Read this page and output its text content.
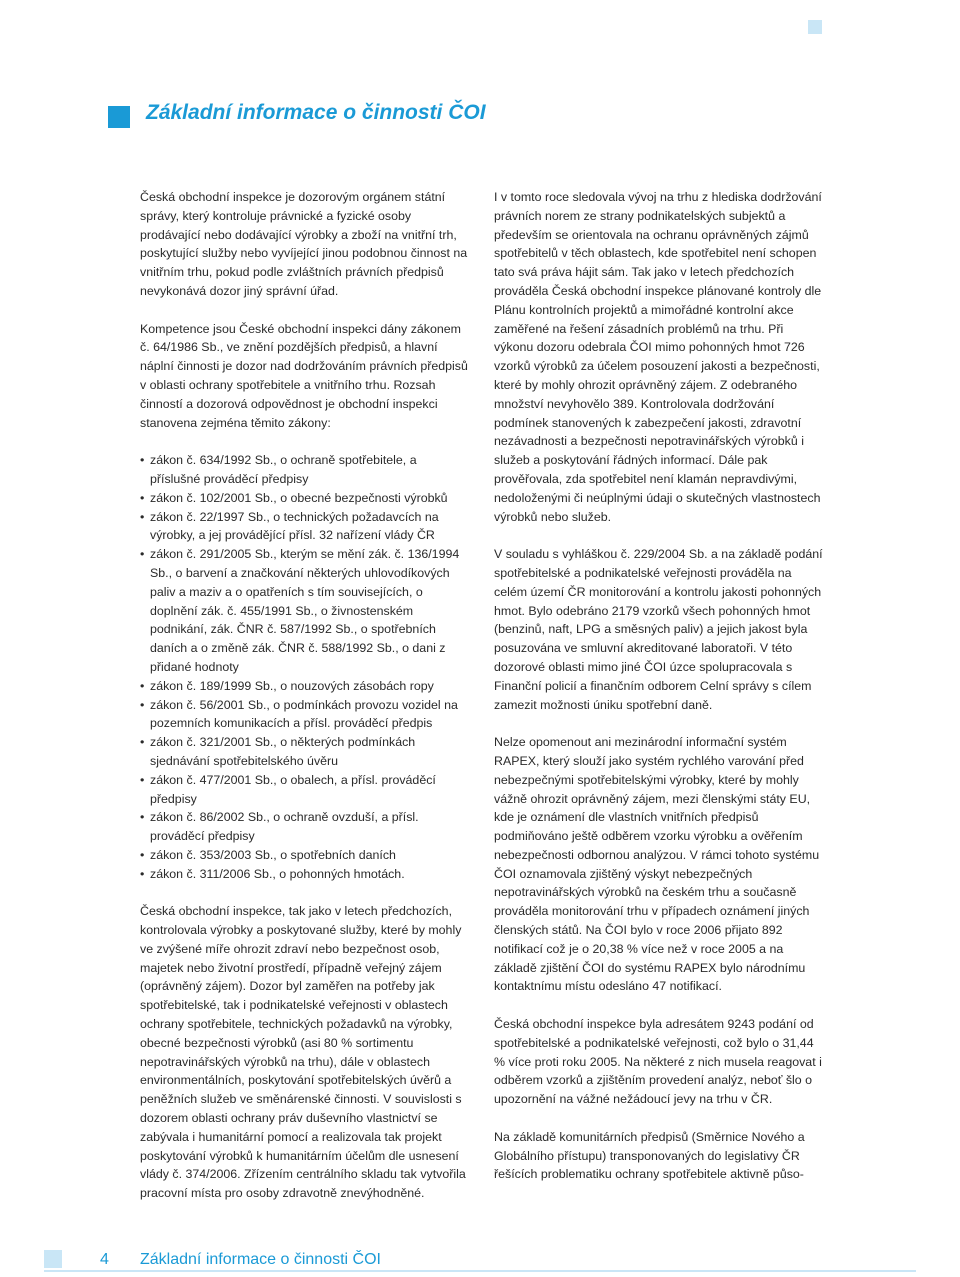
Základní informace o činnosti ČOI

Česká obchodní inspekce je dozorovým orgánem státní správy, který kontroluje právnické a fyzické osoby prodávající nebo dodávající výrobky a zboží na vnitřní trh, poskytující služby nebo vyvíjející jinou podobnou činnost na vnitřním trhu, pokud podle zvláštních právních předpisů nevykonává dozor jiný správní úřad.

Kompetence jsou České obchodní inspekci dány zákonem č. 64/1986 Sb., ve znění pozdějších předpisů, a hlavní náplní činnosti je dozor nad dodržováním právních předpisů v oblasti ochrany spotřebitele a vnitřního trhu. Rozsah činností a dozorová odpovědnost je obchodní inspekci stanovena zejména těmito zákony:

• zákon č. 634/1992 Sb., o ochraně spotřebitele, a příslušné prováděcí předpisy
• zákon č. 102/2001 Sb., o obecné bezpečnosti výrobků
• zákon č. 22/1997 Sb., o technických požadavcích na výrobky, a jej provádějící přísl. 32 nařízení vlády ČR
• zákon č. 291/2005 Sb., kterým se mění zák. č. 136/1994 Sb., o barvení a značkování některých uhlovodíkových paliv a maziv a o opatřeních s tím souvisejících, o doplnění zák. č. 455/1991 Sb., o živnostenském podnikání, zák. ČNR č. 587/1992 Sb., o spotřebních daních a o změně zák. ČNR č. 588/1992 Sb., o dani z přidané hodnoty
• zákon č. 189/1999 Sb., o nouzových zásobách ropy
• zákon č. 56/2001 Sb., o podmínkách provozu vozidel na pozemních komunikacích a přísl. prováděcí předpis
• zákon č. 321/2001 Sb., o některých podmínkách sjednávání spotřebitelského úvěru
• zákon č. 477/2001 Sb., o obalech, a přísl. prováděcí předpisy
• zákon č. 86/2002 Sb., o ochraně ovzduší, a přísl. prováděcí předpisy
• zákon č. 353/2003 Sb., o spotřebních daních
• zákon č. 311/2006 Sb., o pohonných hmotách.

Česká obchodní inspekce, tak jako v letech předchozích, kontrolovala výrobky a poskytované služby, které by mohly ve zvýšené míře ohrozit zdraví nebo bezpečnost osob, majetek nebo životní prostředí, případně veřejný zájem (oprávněný zájem). Dozor byl zaměřen na potřeby jak spotřebitelské, tak i podnikatelské veřejnosti v oblastech ochrany spotřebitele, technických požadavků na výrobky, obecné bezpečnosti výrobků (asi 80 % sortimentu nepotravinářských výrobků na trhu), dále v oblastech environmentálních, poskytování spotřebitelských úvěrů a peněžních služeb ve směnárenské činnosti. V souvislosti s dozorem oblasti ochrany práv duševního vlastnictví se zabývala i humanitární pomocí a realizovala tak projekt poskytování výrobků k humanitárním účelům dle usnesení vlády č. 374/2006. Zřízením centrálního skladu tak vytvořila pracovní místa pro osoby zdravotně znevýhodněné.

I v tomto roce sledovala vývoj na trhu z hlediska dodržování právních norem ze strany podnikatelských subjektů a především se orientovala na ochranu oprávněných zájmů spotřebitelů v těch oblastech, kde spotřebitel není schopen tato svá práva hájit sám. Tak jako v letech předchozích prováděla Česká obchodní inspekce plánované kontroly dle Plánu kontrolních projektů a mimořádné kontrolní akce zaměřené na řešení zásadních problémů na trhu. Při výkonu dozoru odebrala ČOI mimo pohonných hmot 726 vzorků výrobků za účelem posouzení jakosti a bezpečnosti, které by mohly ohrozit oprávněný zájem. Z odebraného množství nevyhovělo 389. Kontrolovala dodržování podmínek stanovených k zabezpečení jakosti, zdravotní nezávadnosti a bezpečnosti nepotravinářských výrobků i služeb a poskytování řádných informací. Dále pak prověřovala, zda spotřebitel není klamán nepravdivými, nedoloženými či neúplnými údaji o skutečných vlastnostech výrobků nebo služeb.

V souladu s vyhláškou č. 229/2004 Sb. a na základě podání spotřebitelské a podnikatelské veřejnosti prováděla na celém území ČR monitorování a kontrolu jakosti pohonných hmot. Bylo odebráno 2179 vzorků všech pohonných hmot (benzinů, naft, LPG a směsných paliv) a jejich jakost byla posuzována ve smluvní akreditované laboratoři. V této dozorové oblasti mimo jiné ČOI úzce spolupracovala s Finanční policií a finančním odborem Celní správy s cílem zamezit možnosti úniku spotřební daně.

Nelze opomenout ani mezinárodní informační systém RAPEX, který slouží jako systém rychlého varování před nebezpečnými spotřebitelskými výrobky, které by mohly vážně ohrozit oprávněný zájem, mezi členskými státy EU, kde je oznámení dle vlastních vnitřních předpisů podmiňováno ještě odběrem vzorku výrobku a ověřením nebezpečnosti odbornou analýzou. V rámci tohoto systému ČOI oznamovala zjištěný výskyt nebezpečných nepotravinářských výrobků na českém trhu a současně prováděla monitorování trhu v případech oznámení jiných členských států. Na ČOI bylo v roce 2006 přijato 892 notifikací což je o 20,38 % více než v roce 2005 a na základě zjištění ČOI do systému RAPEX bylo národnímu kontaktnímu místu odesláno 47 notifikací.

Česká obchodní inspekce byla adresátem 9243 podání od spotřebitelské a podnikatelské veřejnosti, což bylo o 31,44 % více proti roku 2005. Na některé z nich musela reagovat i odběrem vzorků a zjištěním provedení analýz, neboť šlo o upozornění na vážné nežádoucí jevy na trhu v ČR.

Na základě komunitárních předpisů (Směrnice Nového a Globálního přístupu) transponovaných do legislativy ČR řešících problematiku ochrany spotřebitele aktivně půso-

4 Základní informace o činnosti ČOI
